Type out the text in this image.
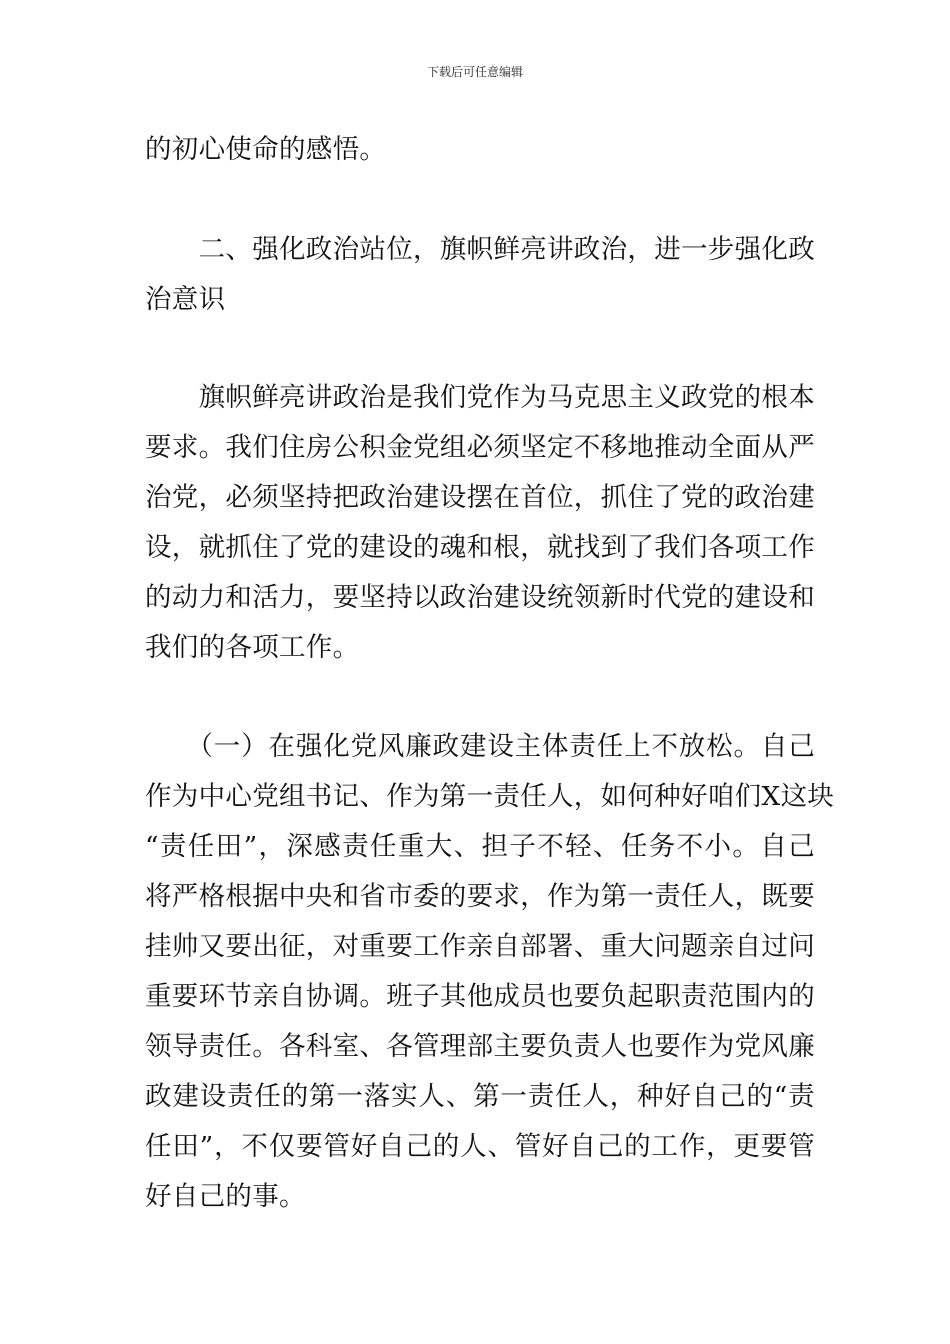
下载后可任意编辑
的初心使命的感悟。
　　二、强化政治站位，旗帜鲜亮讲政治，进一步强化政
治意识
　　旗帜鲜亮讲政治是我们党作为马克思主义政党的根本
要求。我们住房公积金党组必须坚定不移地推动全面从严
治党，必须坚持把政治建设摆在首位，抓住了党的政治建
设，就抓住了党的建设的魂和根，就找到了我们各项工作
的动力和活力，要坚持以政治建设统领新时代党的建设和
我们的各项工作。
　　（一）在强化党风廉政建设主体责任上不放松。自己
作为中心党组书记、作为第一责任人，如何种好咱们X这块
“责任田”，深感责任重大、担子不轻、任务不小。自己
将严格根据中央和省市委的要求，作为第一责任人，既要
挂帅又要出征，对重要工作亲自部署、重大问题亲自过问
重要环节亲自协调。班子其他成员也要负起职责范围内的
领导责任。各科室、各管理部主要负责人也要作为党风廉
政建设责任的第一落实人、第一责任人，种好自己的“责
任田”，不仅要管好自己的人、管好自己的工作，更要管
好自己的事。
